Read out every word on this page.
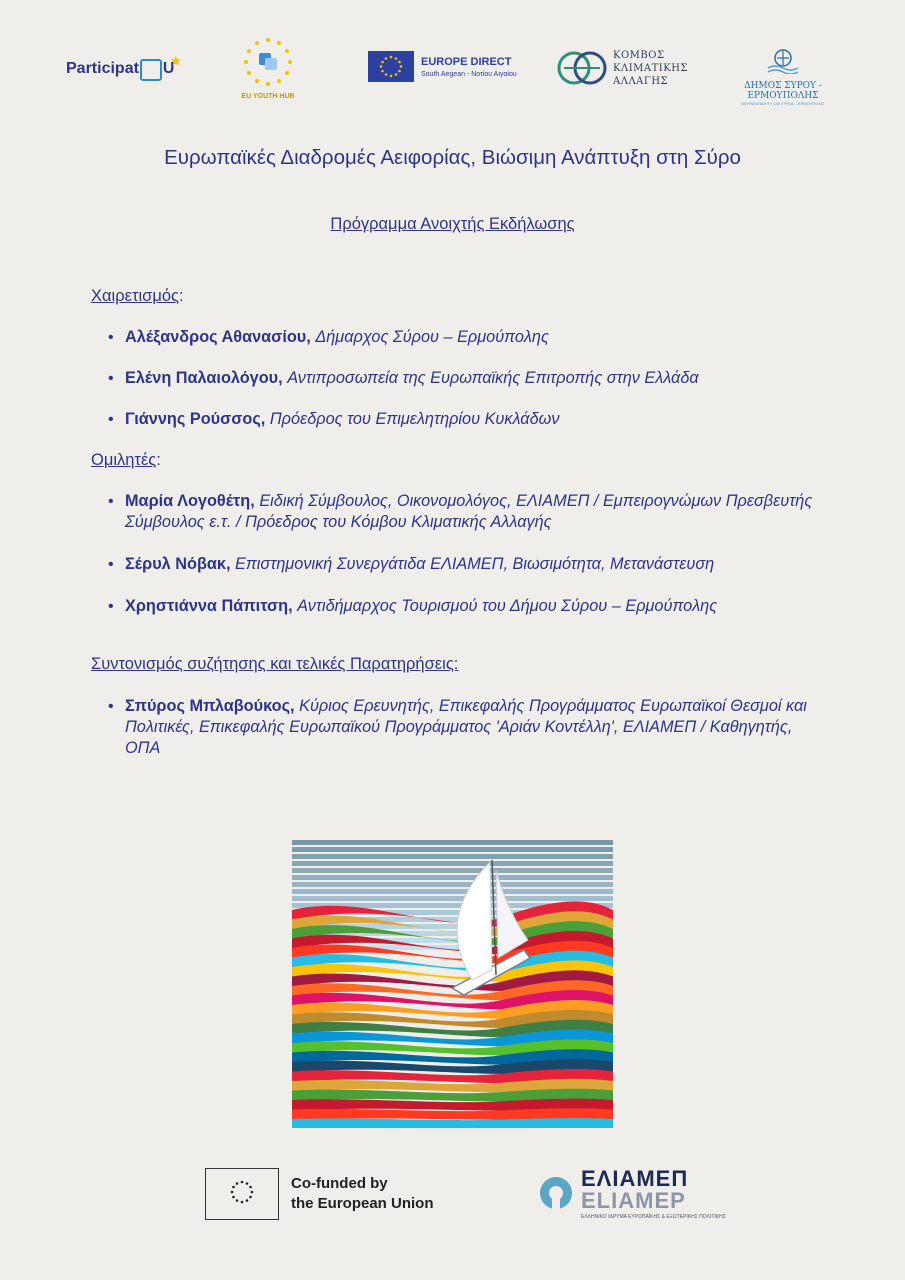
Participat U
★
EU YOUTH HUB
EUROPE DIRECT
South Aegean - Νοτίου Αιγαίου
ΚΟΜΒΟΣ
ΚΛΙΜΑΤΙΚΗΣ
ΑΛΛΑΓΗΣ	ΔΗΜΟΣ ΣΥΡΟΥ - ΕΡΜΟΥΠΟΛΗΣ
ΜΟΥΝΙΣΙΠΑΛΙΤΥ ΟΦ ΣΥΡΟΣ - ΕΡΜΟΥΠΟΛΙΣ
Ευρωπαϊκές Διαδρομές Αειφορίας, Βιώσιμη Ανάπτυξη στη Σύρο
Πρόγραμμα Ανοιχτής Εκδήλωσης
Χαιρετισμός:
• Αλέξανδρος Αθανασίου, Δήμαρχος Σύρου – Ερμούπολης
• Ελένη Παλαιολόγου, Αντιπροσωπεία της Ευρωπαϊκής Επιτροπής στην Ελλάδα
• Γιάννης Ρούσσος, Πρόεδρος του Επιμελητηρίου Κυκλάδων
Ομιλητές:
• Μαρία Λογοθέτη, Ειδική Σύμβουλος, Οικονομολόγος, ΕΛΙΑΜΕΠ / Εμπειρογνώμων Πρεσβευτής Σύμβουλος ε.τ. / Πρόεδρος του Κόμβου Κλιματικής Αλλαγής
• Σέρυλ Νόβακ, Επιστημονική Συνεργάτιδα ΕΛΙΑΜΕΠ, Βιωσιμότητα, Μετανάστευση
• Χρηστιάννα Πάπιτση, Αντιδήμαρχος Τουρισμού του Δήμου Σύρου – Ερμούπολης
Συντονισμός συζήτησης και τελικές Παρατηρήσεις:
• Σπύρος Μπλαβούκος, Κύριος Ερευνητής, Επικεφαλής Προγράμματος Ευρωπαϊκοί Θεσμοί και Πολιτικές, Επικεφαλής Ευρωπαϊκού Προγράμματος 'Αριάν Κοντέλλη', ΕΛΙΑΜΕΠ / Καθηγητής, ΟΠΑ
Co-funded by
the European Union
ΕΛΙΑΜΕΠ
ELIAMEP
ΕΛΛΗΝΙΚΟ ΙΔΡΥΜΑ ΕΥΡΩΠΑΪΚΗΣ & ΕΞΩΤΕΡΙΚΗΣ ΠΟΛΙΤΙΚΗΣ
